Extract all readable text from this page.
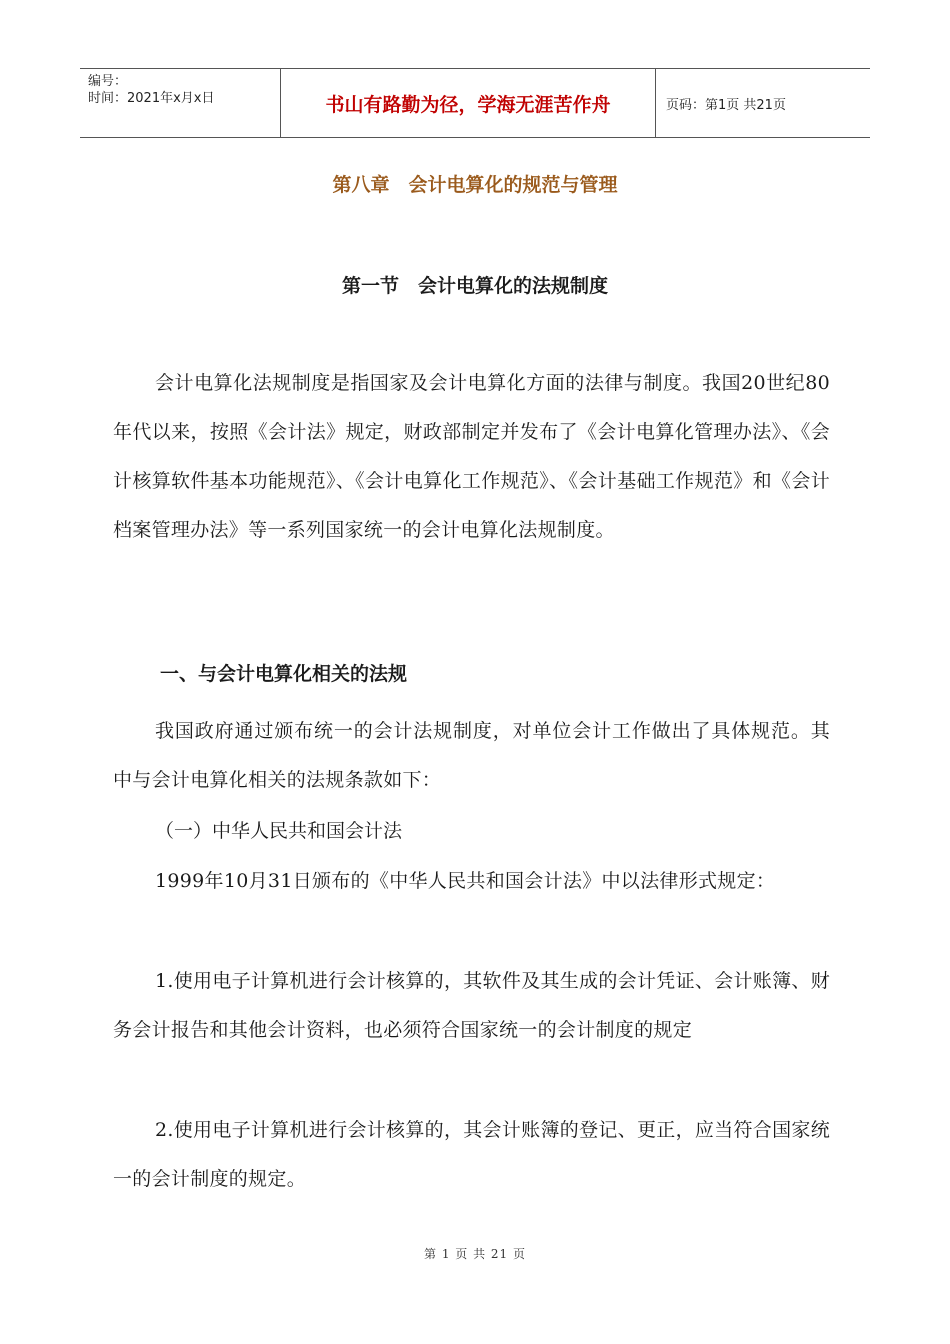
编号：
时间：2021年x月x日	书山有路勤为径，学海无涯苦作舟	页码：第1页 共21页
第八章　会计电算化的规范与管理
第一节　会计电算化的法规制度
会计电算化法规制度是指国家及会计电算化方面的法律与制度。我国20世纪80年代以来，按照《会计法》规定，财政部制定并发布了《会计电算化管理办法》、《会计核算软件基本功能规范》、《会计电算化工作规范》、《会计基础工作规范》和《会计档案管理办法》等一系列国家统一的会计电算化法规制度。
一、与会计电算化相关的法规
我国政府通过颁布统一的会计法规制度，对单位会计工作做出了具体规范。其中与会计电算化相关的法规条款如下：
（一）中华人民共和国会计法
1999年10月31日颁布的《中华人民共和国会计法》中以法律形式规定：
1.使用电子计算机进行会计核算的，其软件及其生成的会计凭证、会计账簿、财务会计报告和其他会计资料，也必须符合国家统一的会计制度的规定
2.使用电子计算机进行会计核算的，其会计账簿的登记、更正，应当符合国家统一的会计制度的规定。
第 1 页 共 21 页
